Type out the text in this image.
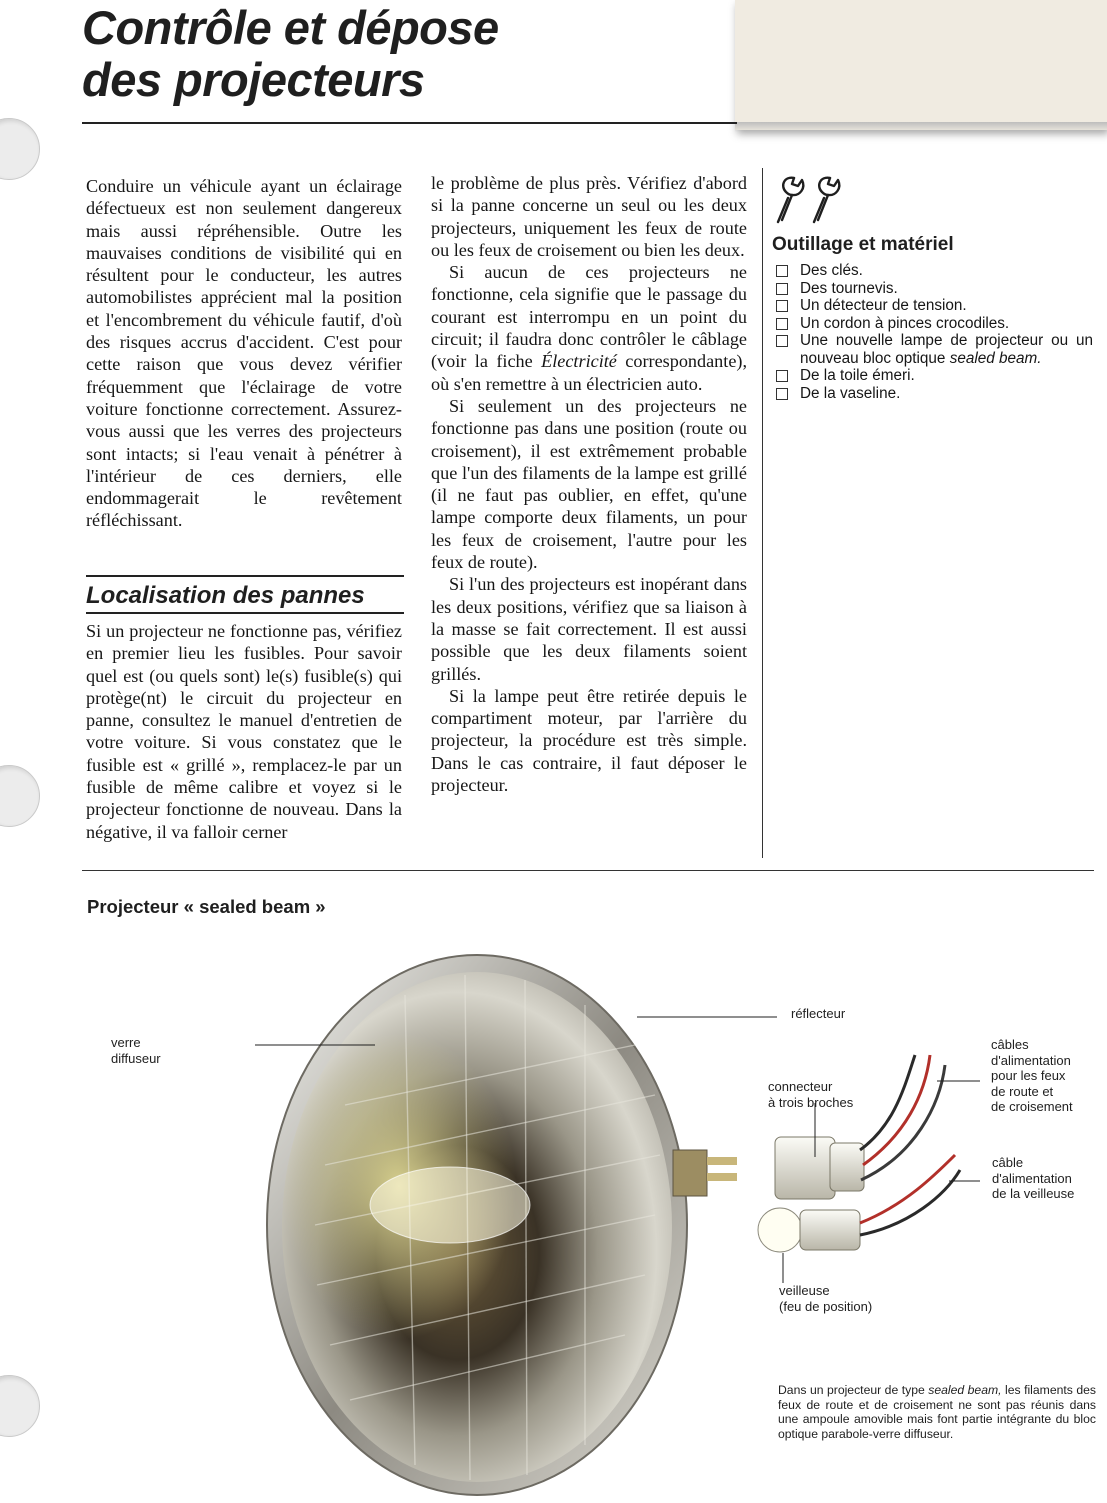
Contrôle et dépose
des projecteurs

Conduire un véhicule ayant un éclairage défectueux est non seulement dangereux mais aussi répréhensible. Outre les mauvaises conditions de visibilité qui en résultent pour le conducteur, les autres automobilistes apprécient mal la position et l'encombrement du véhicule fautif, d'où des risques accrus d'accident. C'est pour cette raison que vous devez vérifier fréquemment que l'éclairage de votre voiture fonctionne correctement. Assurez-vous aussi que les verres des projecteurs sont intacts; si l'eau venait à pénétrer à l'intérieur de ces derniers, elle endommagerait le revêtement réfléchissant.

Localisation des pannes

Si un projecteur ne fonctionne pas, vérifiez en premier lieu les fusibles. Pour savoir quel est (ou quels sont) le(s) fusible(s) qui protège(nt) le circuit du projecteur en panne, consultez le manuel d'entretien de votre voiture. Si vous constatez que le fusible est « grillé », remplacez-le par un fusible de même calibre et voyez si le projecteur fonctionne de nouveau. Dans la négative, il va falloir cerner

le problème de plus près. Vérifiez d'abord si la panne concerne un seul ou les deux projecteurs, uniquement les feux de route ou les feux de croisement ou bien les deux.

Si aucun de ces projecteurs ne fonctionne, cela signifie que le passage du courant est interrompu en un point du circuit; il faudra donc contrôler le câblage (voir la fiche Électricité correspondante), où s'en remettre à un électricien auto.

Si seulement un des projecteurs ne fonctionne pas dans une position (route ou croisement), il est extrêmement probable que l'un des filaments de la lampe est grillé (il ne faut pas oublier, en effet, qu'une lampe comporte deux filaments, un pour les feux de croisement, l'autre pour les feux de route).

Si l'un des projecteurs est inopérant dans les deux positions, vérifiez que sa liaison à la masse se fait correctement. Il est aussi possible que les deux filaments soient grillés.

Si la lampe peut être retirée depuis le compartiment moteur, par l'arrière du projecteur, la procédure est très simple. Dans le cas contraire, il faut déposer le projecteur.

Outillage et matériel
Des clés.
Des tournevis.
Un détecteur de tension.
Un cordon à pinces crocodiles.
Une nouvelle lampe de projecteur ou un nouveau bloc optique sealed beam.
De la toile émeri.
De la vaseline.
Projecteur « sealed beam »
verre
diffuseur
réflecteur
connecteur
à trois broches
câbles
d'alimentation
pour les feux
de route et
de croisement
câble
d'alimentation
de la veilleuse
veilleuse
(feu de position)
Dans un projecteur de type sealed beam, les filaments des feux de route et de croisement ne sont pas réunis dans une ampoule amovible mais font partie intégrante du bloc optique parabole-verre diffuseur.
